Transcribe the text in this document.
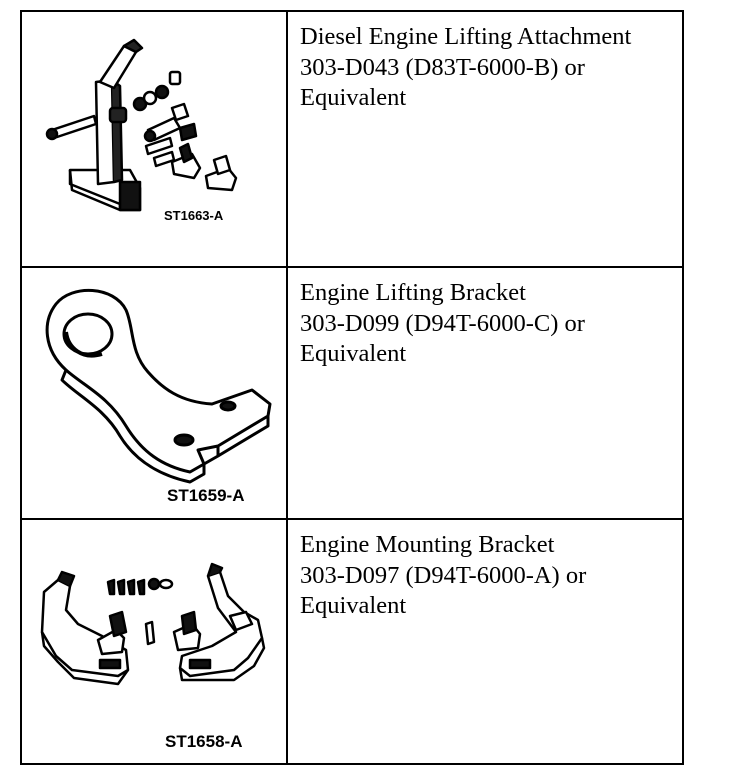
ST1663-A
Diesel Engine Lifting Attachment
303-D043 (D83T-6000-B) or
Equivalent
ST1659-A
Engine Lifting Bracket
303-D099 (D94T-6000-C) or
Equivalent
ST1658-A
Engine Mounting Bracket
303-D097 (D94T-6000-A) or
Equivalent
